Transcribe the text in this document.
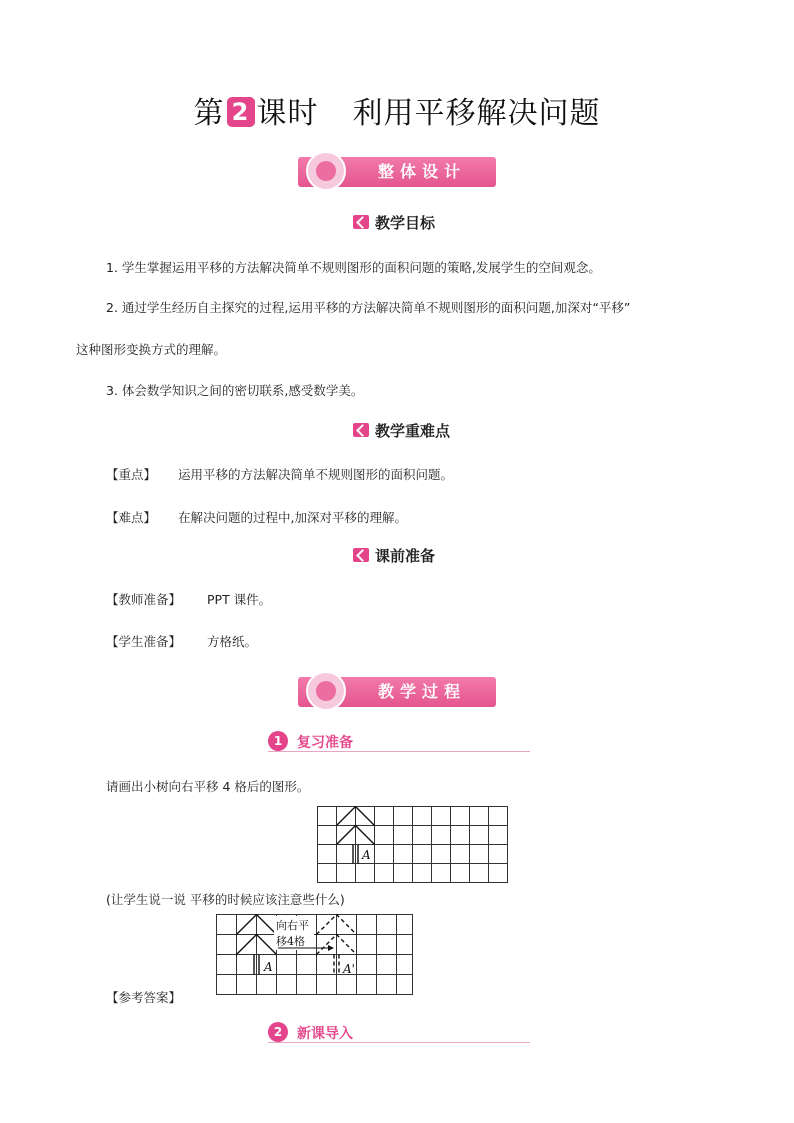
第 2 课时 利用平移解决问题
整体设计
教学目标
1. 学生掌握运用平移的方法解决简单不规则图形的面积问题的策略,发展学生的空间观念。
2. 通过学生经历自主探究的过程,运用平移的方法解决简单不规则图形的面积问题,加深对“平移”
这种图形变换方式的理解。
3. 体会数学知识之间的密切联系,感受数学美。
教学重难点
【重点】 运用平移的方法解决简单不规则图形的面积问题。
【难点】 在解决问题的过程中,加深对平移的理解。
课前准备
【教师准备】 PPT 课件。
【学生准备】 方格纸。
教学过程
1	复习准备
请画出小树向右平移 4 格后的图形。
A
(让学生说一说 平移的时候应该注意些什么)
A
向右平
移4格
A'
【参考答案】
2	新课导入
